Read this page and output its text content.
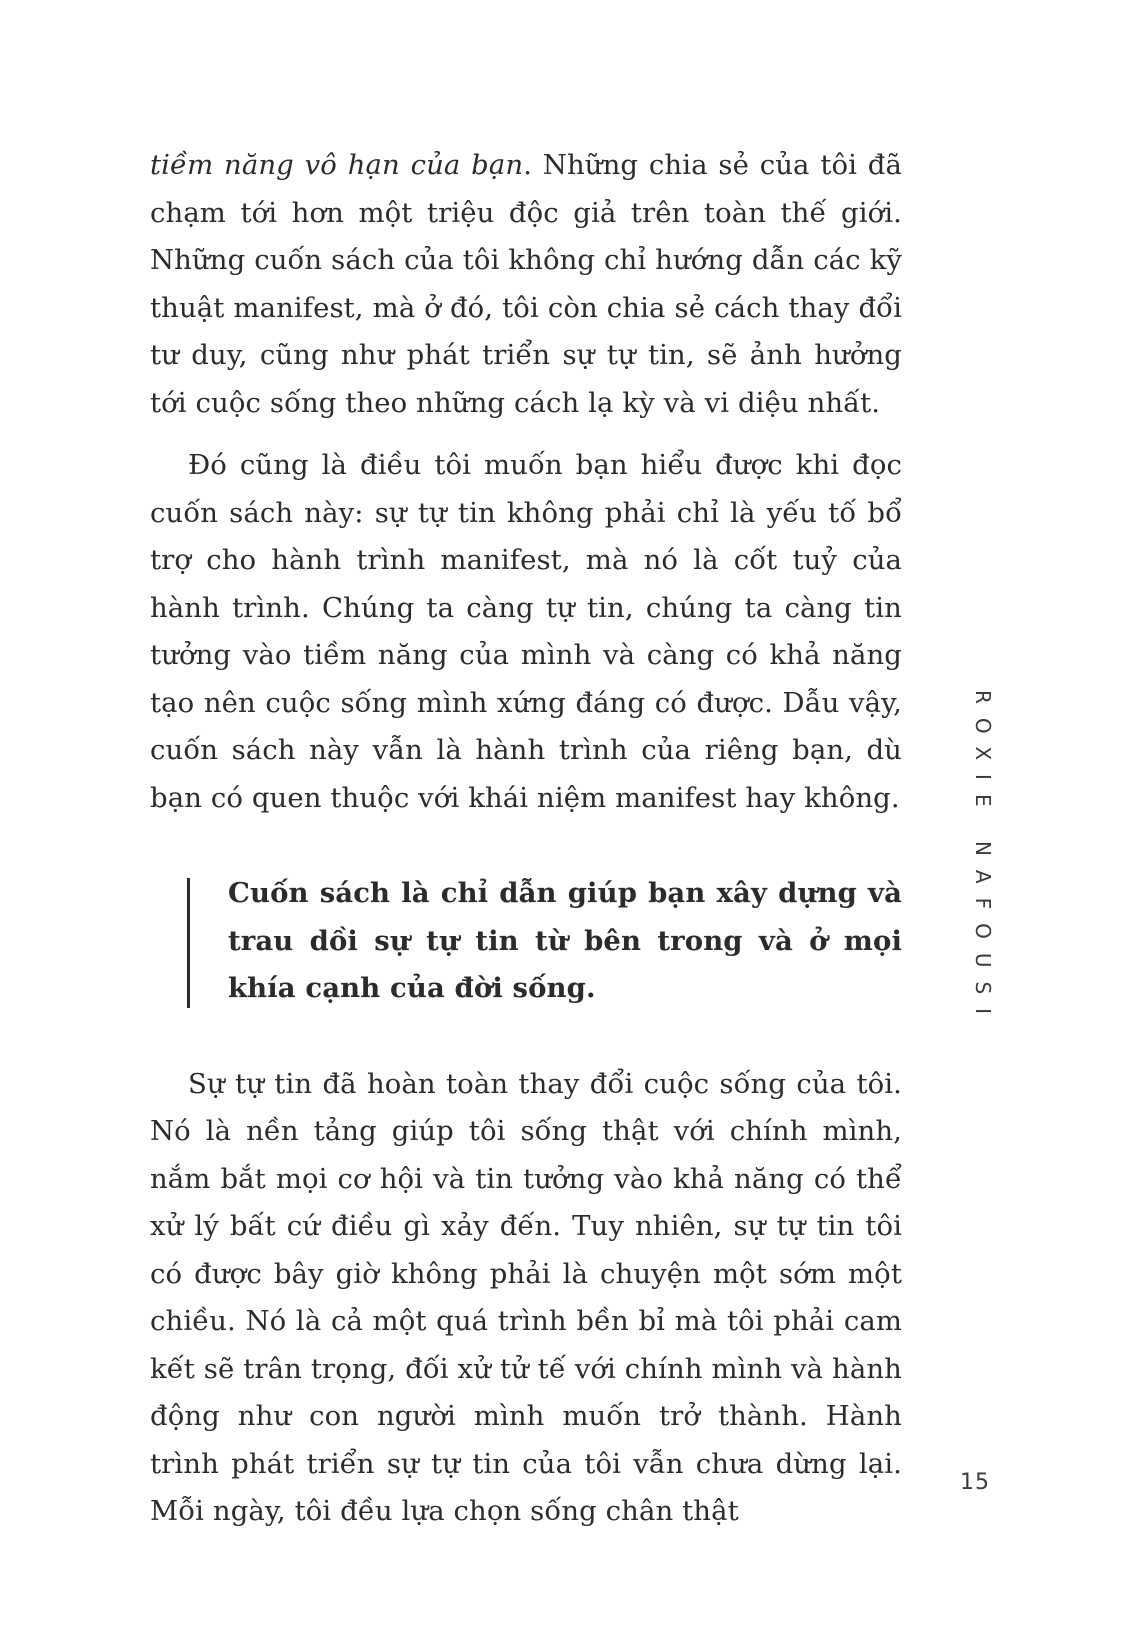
tiềm năng vô hạn của bạn. Những chia sẻ của tôi đã chạm tới hơn một triệu độc giả trên toàn thế giới. Những cuốn sách của tôi không chỉ hướng dẫn các kỹ thuật manifest, mà ở đó, tôi còn chia sẻ cách thay đổi tư duy, cũng như phát triển sự tự tin, sẽ ảnh hưởng tới cuộc sống theo những cách lạ kỳ và vi diệu nhất.

Đó cũng là điều tôi muốn bạn hiểu được khi đọc cuốn sách này: sự tự tin không phải chỉ là yếu tố bổ trợ cho hành trình manifest, mà nó là cốt tuỷ của hành trình. Chúng ta càng tự tin, chúng ta càng tin tưởng vào tiềm năng của mình và càng có khả năng tạo nên cuộc sống mình xứng đáng có được. Dẫu vậy, cuốn sách này vẫn là hành trình của riêng bạn, dù bạn có quen thuộc với khái niệm manifest hay không.

Cuốn sách là chỉ dẫn giúp bạn xây dựng và trau dồi sự tự tin từ bên trong và ở mọi khía cạnh của đời sống.

Sự tự tin đã hoàn toàn thay đổi cuộc sống của tôi. Nó là nền tảng giúp tôi sống thật với chính mình, nắm bắt mọi cơ hội và tin tưởng vào khả năng có thể xử lý bất cứ điều gì xảy đến. Tuy nhiên, sự tự tin tôi có được bây giờ không phải là chuyện một sớm một chiều. Nó là cả một quá trình bền bỉ mà tôi phải cam kết sẽ trân trọng, đối xử tử tế với chính mình và hành động như con người mình muốn trở thành. Hành trình phát triển sự tự tin của tôi vẫn chưa dừng lại. Mỗi ngày, tôi đều lựa chọn sống chân thật

ROXIE NAFOUSI
15
